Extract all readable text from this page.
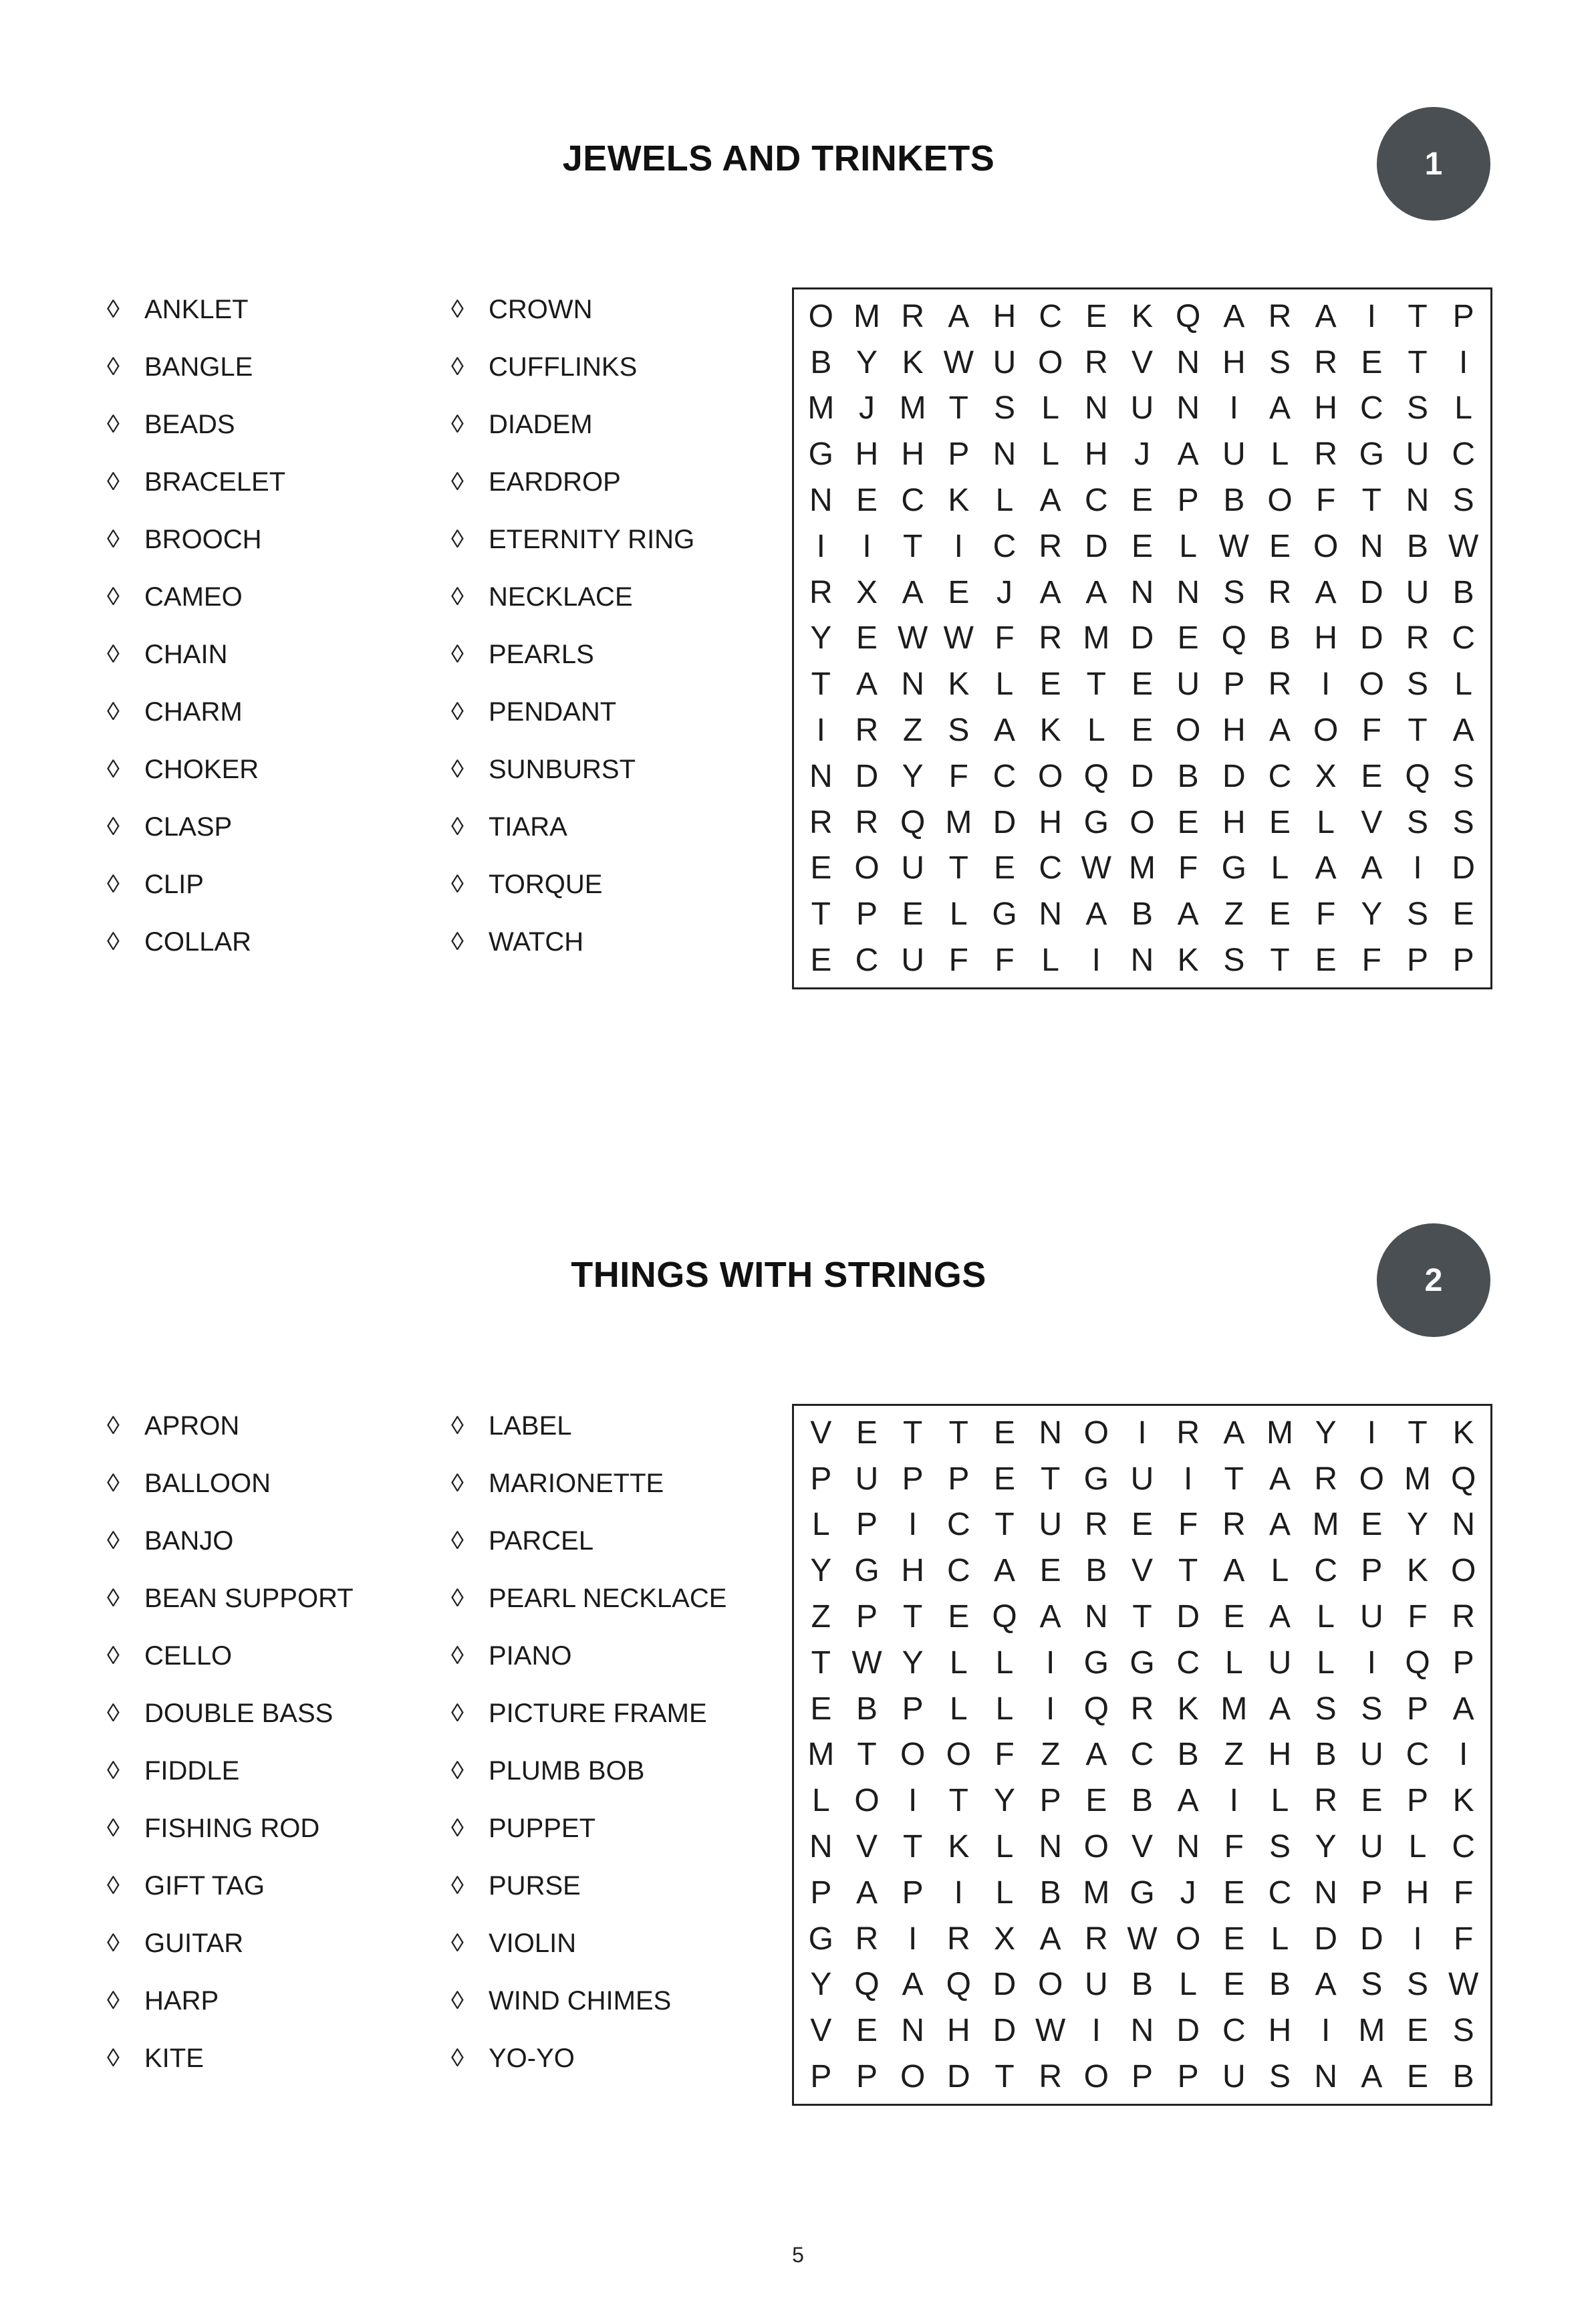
JEWELS AND TRINKETS	1
◊ ANKLET
◊ BANGLE
◊ BEADS
◊ BRACELET
◊ BROOCH
◊ CAMEO
◊ CHAIN
◊ CHARM
◊ CHOKER
◊ CLASP
◊ CLIP
◊ COLLAR
◊ CROWN
◊ CUFFLINKS
◊ DIADEM
◊ EARDROP
◊ ETERNITY RING
◊ NECKLACE
◊ PEARLS
◊ PENDANT
◊ SUNBURST
◊ TIARA
◊ TORQUE
◊ WATCH
O M R A H C E K Q A R A I T P
B Y K W U O R V N H S R E T I
M J M T S L N U N I A H C S L
G H H P N L H J A U L R G U C
N E C K L A C E P B O F T N S
I	I T I C R D E L W E O N B W
R X A E J A A N N S R A D U B
Y E W W F R M D E Q B H D R C
T A N K L E T E U P R I O S L
I R Z S A K L E O H A O F T A
N D Y F C O Q D B D C X E Q S
R R Q M D H G O E H E L V S S
E O U T E C W M F G L A A I D
T P E L G N A B A Z E F Y S E
E C U F F L	I N K S T E F P P
THINGS WITH STRINGS	2
◊ APRON
◊ BALLOON
◊ BANJO
◊ BEAN SUPPORT
◊ CELLO
◊ DOUBLE BASS
◊ FIDDLE
◊ FISHING ROD
◊ GIFT TAG
◊ GUITAR
◊ HARP
◊ KITE
◊ LABEL
◊ MARIONETTE
◊ PARCEL
◊ PEARL NECKLACE
◊ PIANO
◊ PICTURE FRAME
◊ PLUMB BOB
◊ PUPPET
◊ PURSE
◊ VIOLIN
◊ WIND CHIMES
◊ YO-YO
V E T T E N O I R A M Y I T K
P U P P E T G U I T A R O M Q
L P I C T U R E F R A M E Y N
Y G H C A E B V T A L C P K O
Z P T E Q A N T D E A L U F R
T W Y L L	I G G C L U L	I Q P
E B P L L	I Q R K M A S S P A
M T O O F Z A C B Z H B U C I
L O I T Y P E B A I	L R E P K
N V T K L N O V N F S Y U L C
P A P I	L B M G J E C N P H F
G R I R X A R W O E L D D I F
Y Q A Q D O U B L E B A S S W
V E N H D W I N D C H I M E S
P P O D T R O P P U S N A E B
5
